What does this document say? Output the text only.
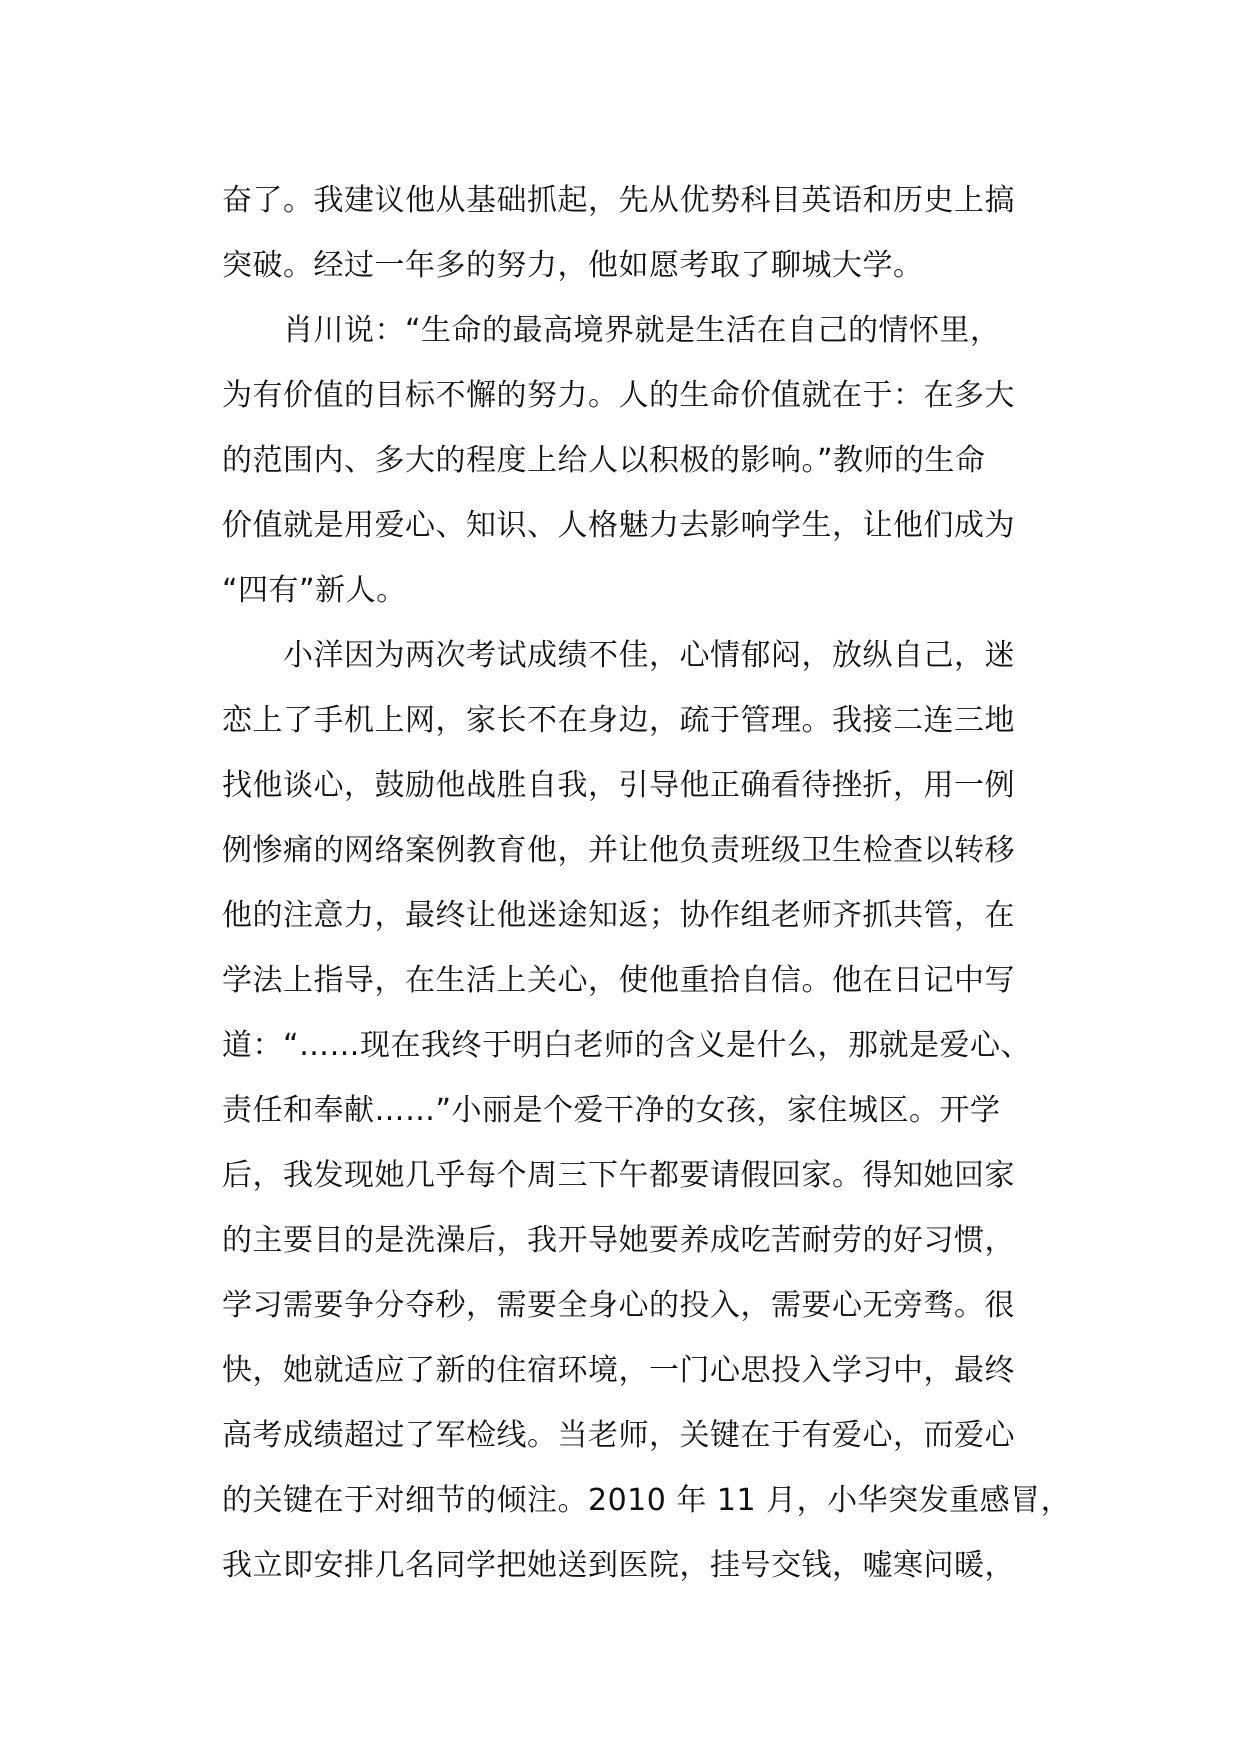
奋了。我建议他从基础抓起，先从优势科目英语和历史上搞
突破。经过一年多的努力，他如愿考取了聊城大学。
　　肖川说：“生命的最高境界就是生活在自己的情怀里，
为有价值的目标不懈的努力。人的生命价值就在于：在多大
的范围内、多大的程度上给人以积极的影响。”教师的生命
价值就是用爱心、知识、人格魅力去影响学生，让他们成为
“四有”新人。
　　小洋因为两次考试成绩不佳，心情郁闷，放纵自己，迷
恋上了手机上网，家长不在身边，疏于管理。我接二连三地
找他谈心，鼓励他战胜自我，引导他正确看待挫折，用一例
例惨痛的网络案例教育他，并让他负责班级卫生检查以转移
他的注意力，最终让他迷途知返；协作组老师齐抓共管，在
学法上指导，在生活上关心，使他重拾自信。他在日记中写
道：“……现在我终于明白老师的含义是什么，那就是爱心、
责任和奉献……”小丽是个爱干净的女孩，家住城区。开学
后，我发现她几乎每个周三下午都要请假回家。得知她回家
的主要目的是洗澡后，我开导她要养成吃苦耐劳的好习惯，
学习需要争分夺秒，需要全身心的投入，需要心无旁骛。很
快，她就适应了新的住宿环境，一门心思投入学习中，最终
高考成绩超过了军检线。当老师，关键在于有爱心，而爱心
的关键在于对细节的倾注。2010 年 11 月，小华突发重感冒，
我立即安排几名同学把她送到医院，挂号交钱，嘘寒问暖，
